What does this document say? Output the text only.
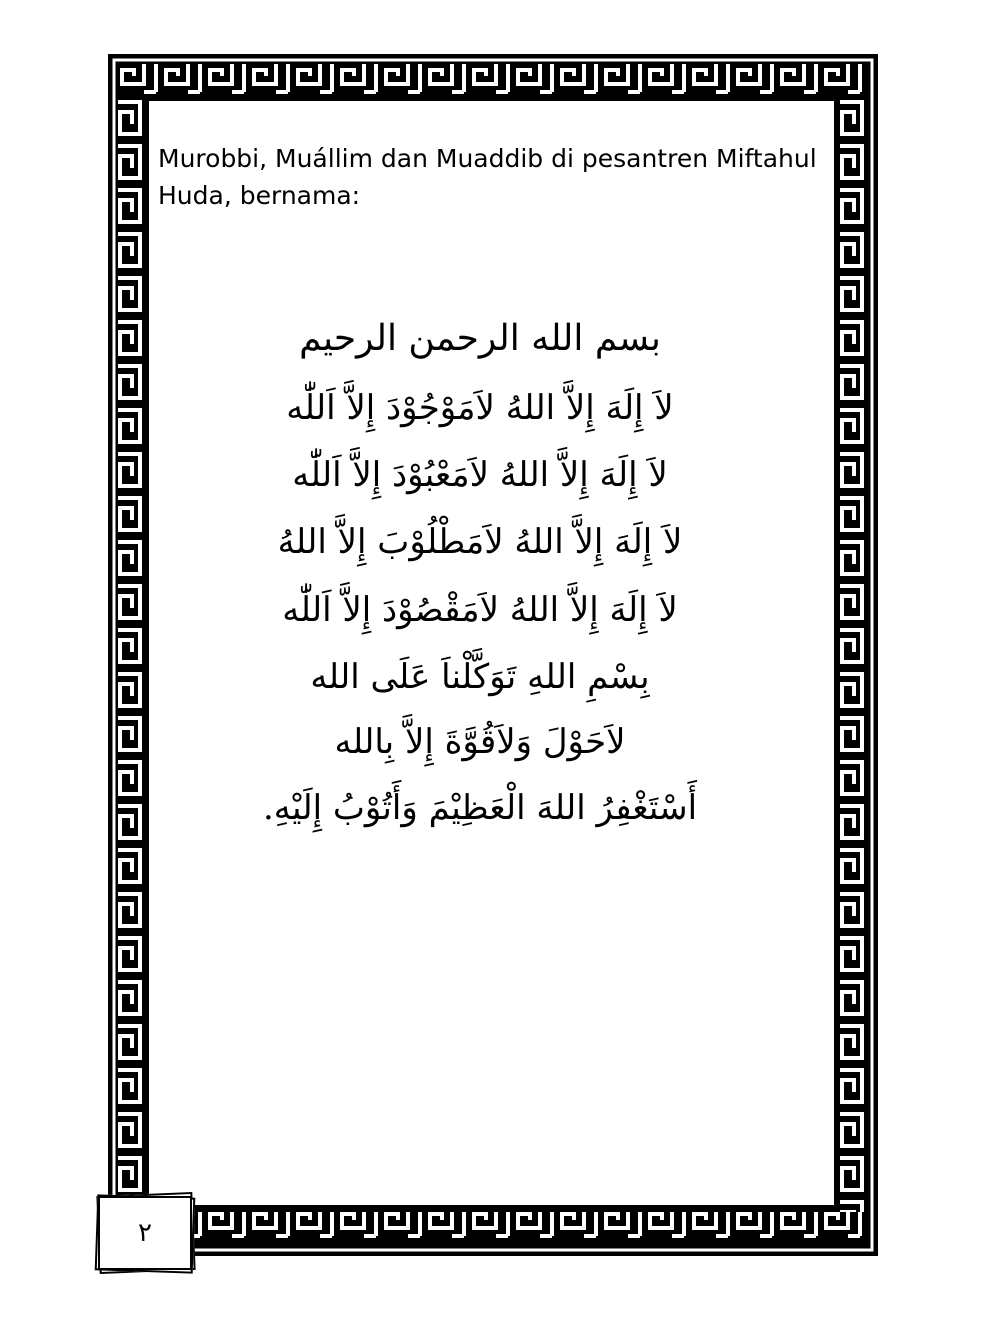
Murobbi, Muállim dan Muaddib di pesantren Miftahul Huda, bernama:

بسم الله الرحمن الرحيم

لاَ إِلَهَ إِلاَّ اللهُ لاَمَوْجُوْدَ إِلاَّ اَللّٰه

لاَ إِلَهَ إِلاَّ اللهُ لاَمَعْبُوْدَ إِلاَّ اَللّٰه

لاَ إِلَهَ إِلاَّ اللهُ لاَمَطْلُوْبَ إِلاَّ اللهُ

لاَ إِلَهَ إِلاَّ اللهُ لاَمَقْصُوْدَ إِلاَّ اَللّٰه

بِسْمِ اللهِ تَوَكَّلْناَ عَلَى الله

لاَحَوْلَ وَلاَقُوَّةَ إِلاَّ بِالله

أَسْتَغْفِرُ اللهَ الْعَظِيْمَ وَأَتُوْبُ إِلَيْهِ.

٢
